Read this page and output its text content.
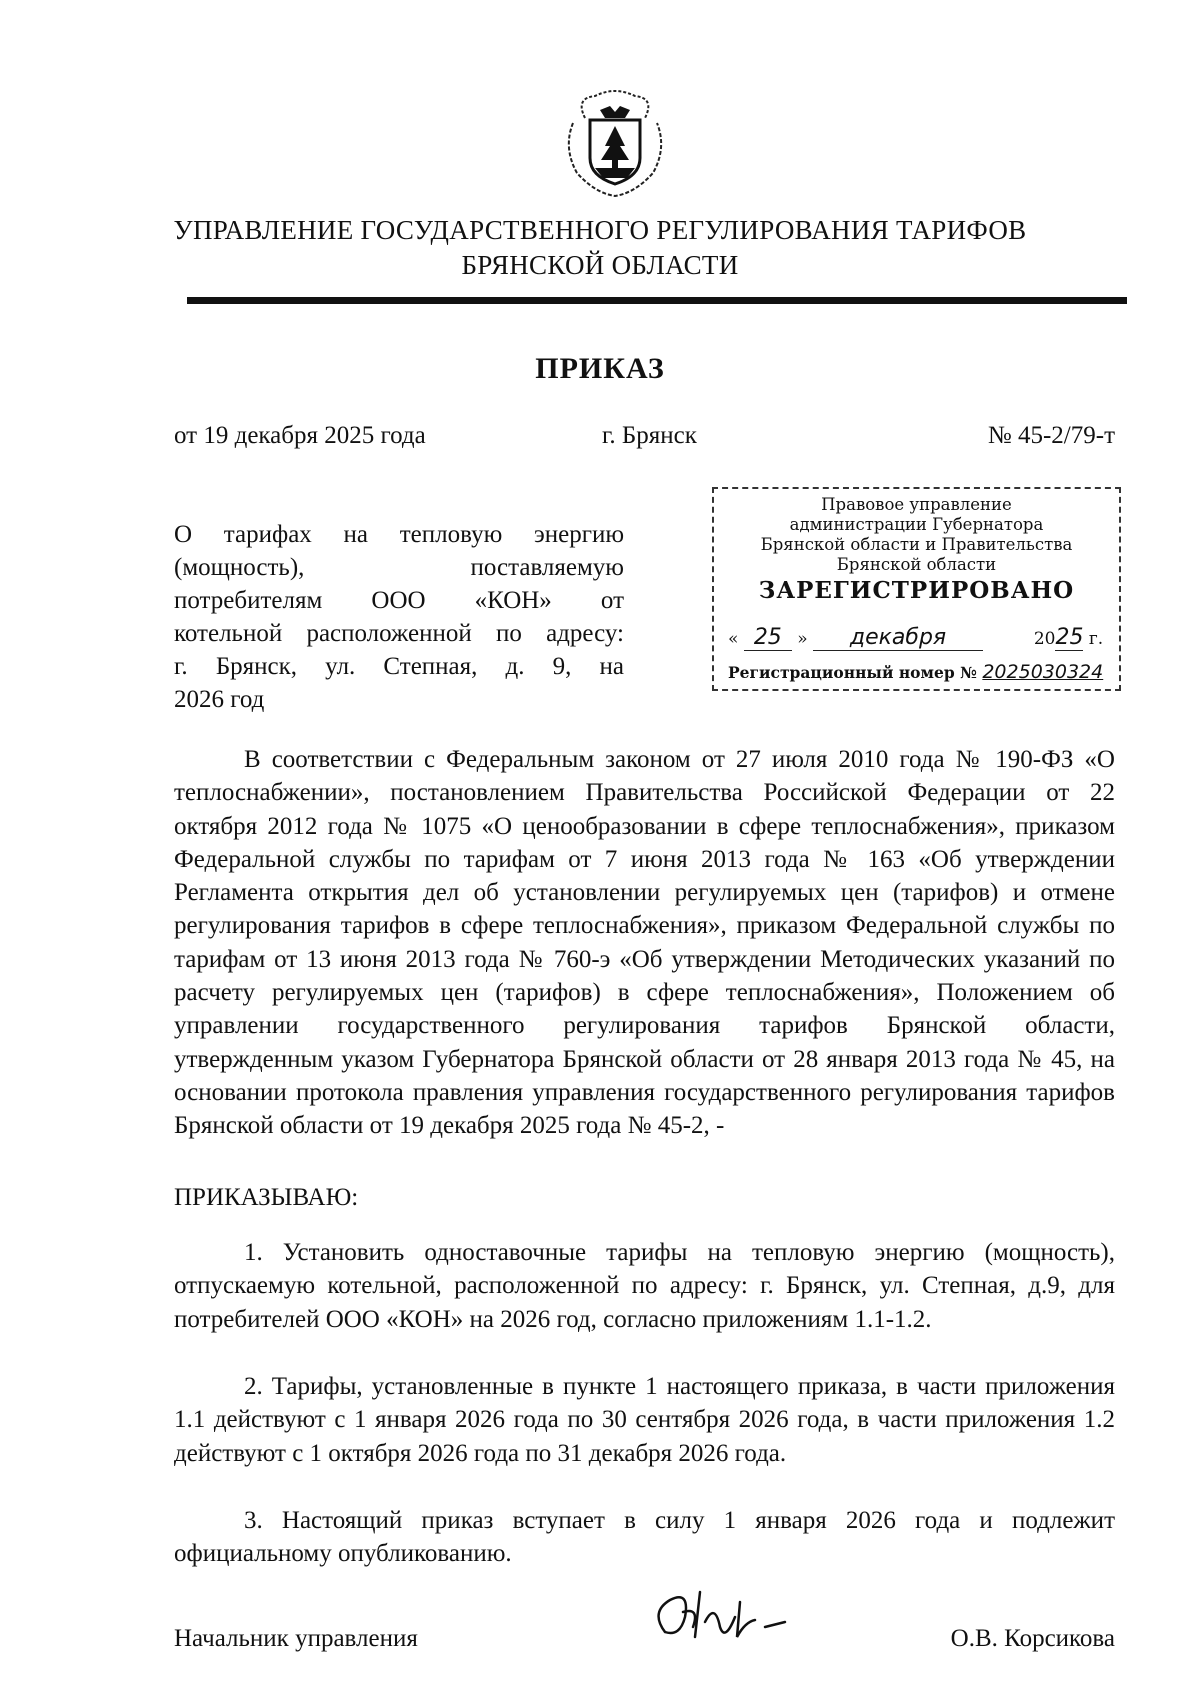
УПРАВЛЕНИЕ ГОСУДАРСТВЕННОГО РЕГУЛИРОВАНИЯ ТАРИФОВ
БРЯНСКОЙ ОБЛАСТИ
ПРИКАЗ
от 19 декабря 2025 года	г. Брянск	№ 45-2/79-т
О тарифах на тепловую энергию
(мощность), поставляемую
потребителям ООО «КОН» от
котельной расположенной по адресу:
г. Брянск, ул. Степная, д. 9, на
2026 год
Правовое управление
администрации Губернатора
Брянской области и Правительства
Брянской области
ЗАРЕГИСТРИРОВАНО
« 25 » декабря	2025 г.
Регистрационный номер № 2025030324
В соответствии с Федеральным законом от 27 июля 2010 года № 190-ФЗ «О теплоснабжении», постановлением Правительства Российской Федерации от 22 октября 2012 года № 1075 «О ценообразовании в сфере теплоснабжения», приказом Федеральной службы по тарифам от 7 июня 2013 года № 163 «Об утверждении Регламента открытия дел об установлении регулируемых цен (тарифов) и отмене регулирования тарифов в сфере теплоснабжения», приказом Федеральной службы по тарифам от 13 июня 2013 года № 760-э «Об утверждении Методических указаний по расчету регулируемых цен (тарифов) в сфере теплоснабжения», Положением об управлении государственного регулирования тарифов Брянской области, утвержденным указом Губернатора Брянской области от 28 января 2013 года № 45, на основании протокола правления управления государственного регулирования тарифов Брянской области от 19 декабря 2025 года № 45-2, -
ПРИКАЗЫВАЮ:
1. Установить одноставочные тарифы на тепловую энергию (мощность), отпускаемую котельной, расположенной по адресу: г. Брянск, ул. Степная, д.9, для потребителей ООО «КОН» на 2026 год, согласно приложениям 1.1-1.2.
2. Тарифы, установленные в пункте 1 настоящего приказа, в части приложения 1.1 действуют с 1 января 2026 года по 30 сентября 2026 года, в части приложения 1.2 действуют с 1 октября 2026 года по 31 декабря 2026 года.
3. Настоящий приказ вступает в силу 1 января 2026 года и подлежит официальному опубликованию.
Начальник управления	О.В. Корсикова
